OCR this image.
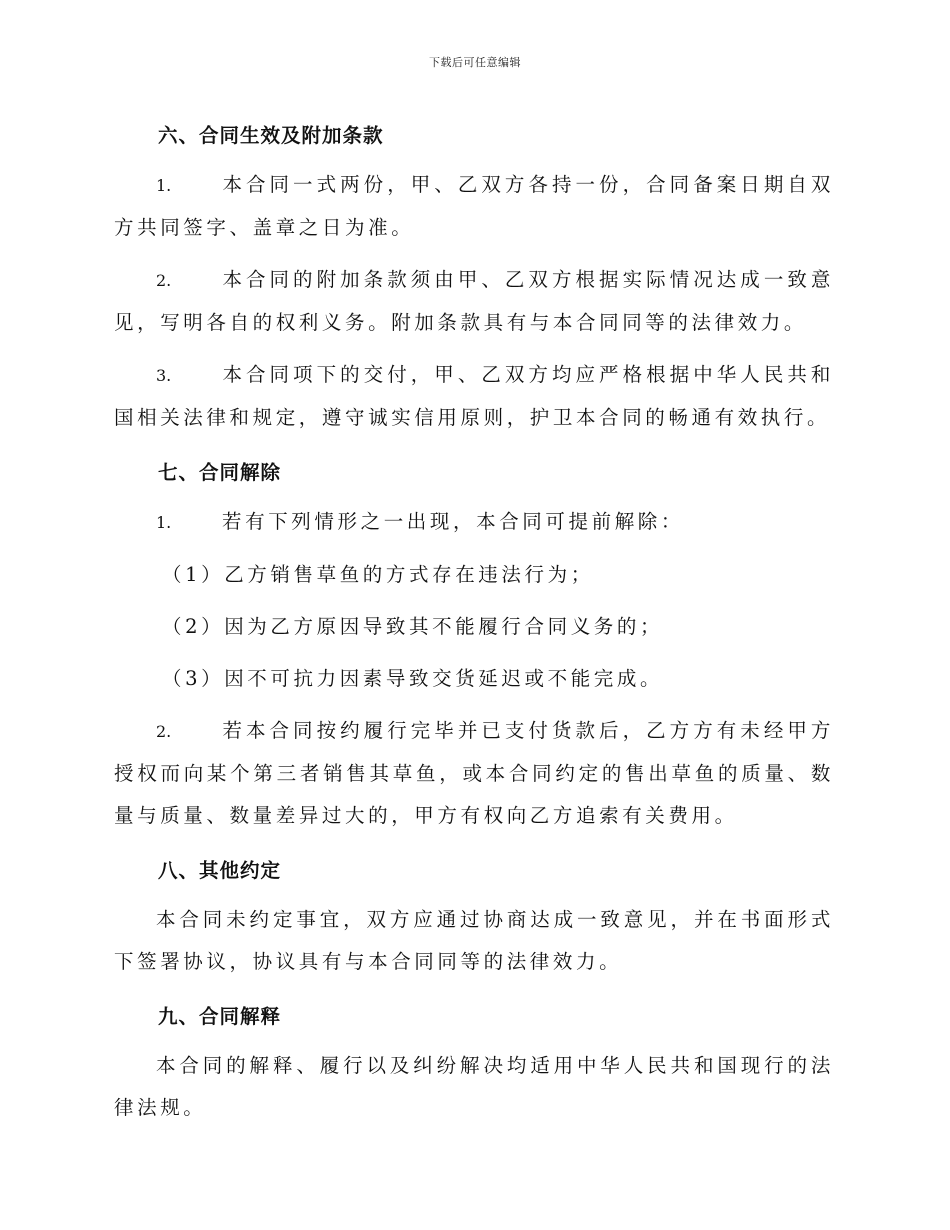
下载后可任意编辑
六、合同生效及附加条款

1.	本合同一式两份，甲、乙双方各持一份，合同备案日期自双方共同签字、盖章之日为准。

2.	本合同的附加条款须由甲、乙双方根据实际情况达成一致意见，写明各自的权利义务。附加条款具有与本合同同等的法律效力。

3.	本合同项下的交付，甲、乙双方均应严格根据中华人民共和国相关法律和规定，遵守诚实信用原则，护卫本合同的畅通有效执行。

七、合同解除

1.	若有下列情形之一出现，本合同可提前解除：

（1）乙方销售草鱼的方式存在违法行为；

（2）因为乙方原因导致其不能履行合同义务的；

（3）因不可抗力因素导致交货延迟或不能完成。

2.	若本合同按约履行完毕并已支付货款后，乙方方有未经甲方授权而向某个第三者销售其草鱼，或本合同约定的售出草鱼的质量、数量与质量、数量差异过大的，甲方有权向乙方追索有关费用。

八、其他约定

本合同未约定事宜，双方应通过协商达成一致意见，并在书面形式下签署协议，协议具有与本合同同等的法律效力。

九、合同解释

本合同的解释、履行以及纠纷解决均适用中华人民共和国现行的法律法规。
